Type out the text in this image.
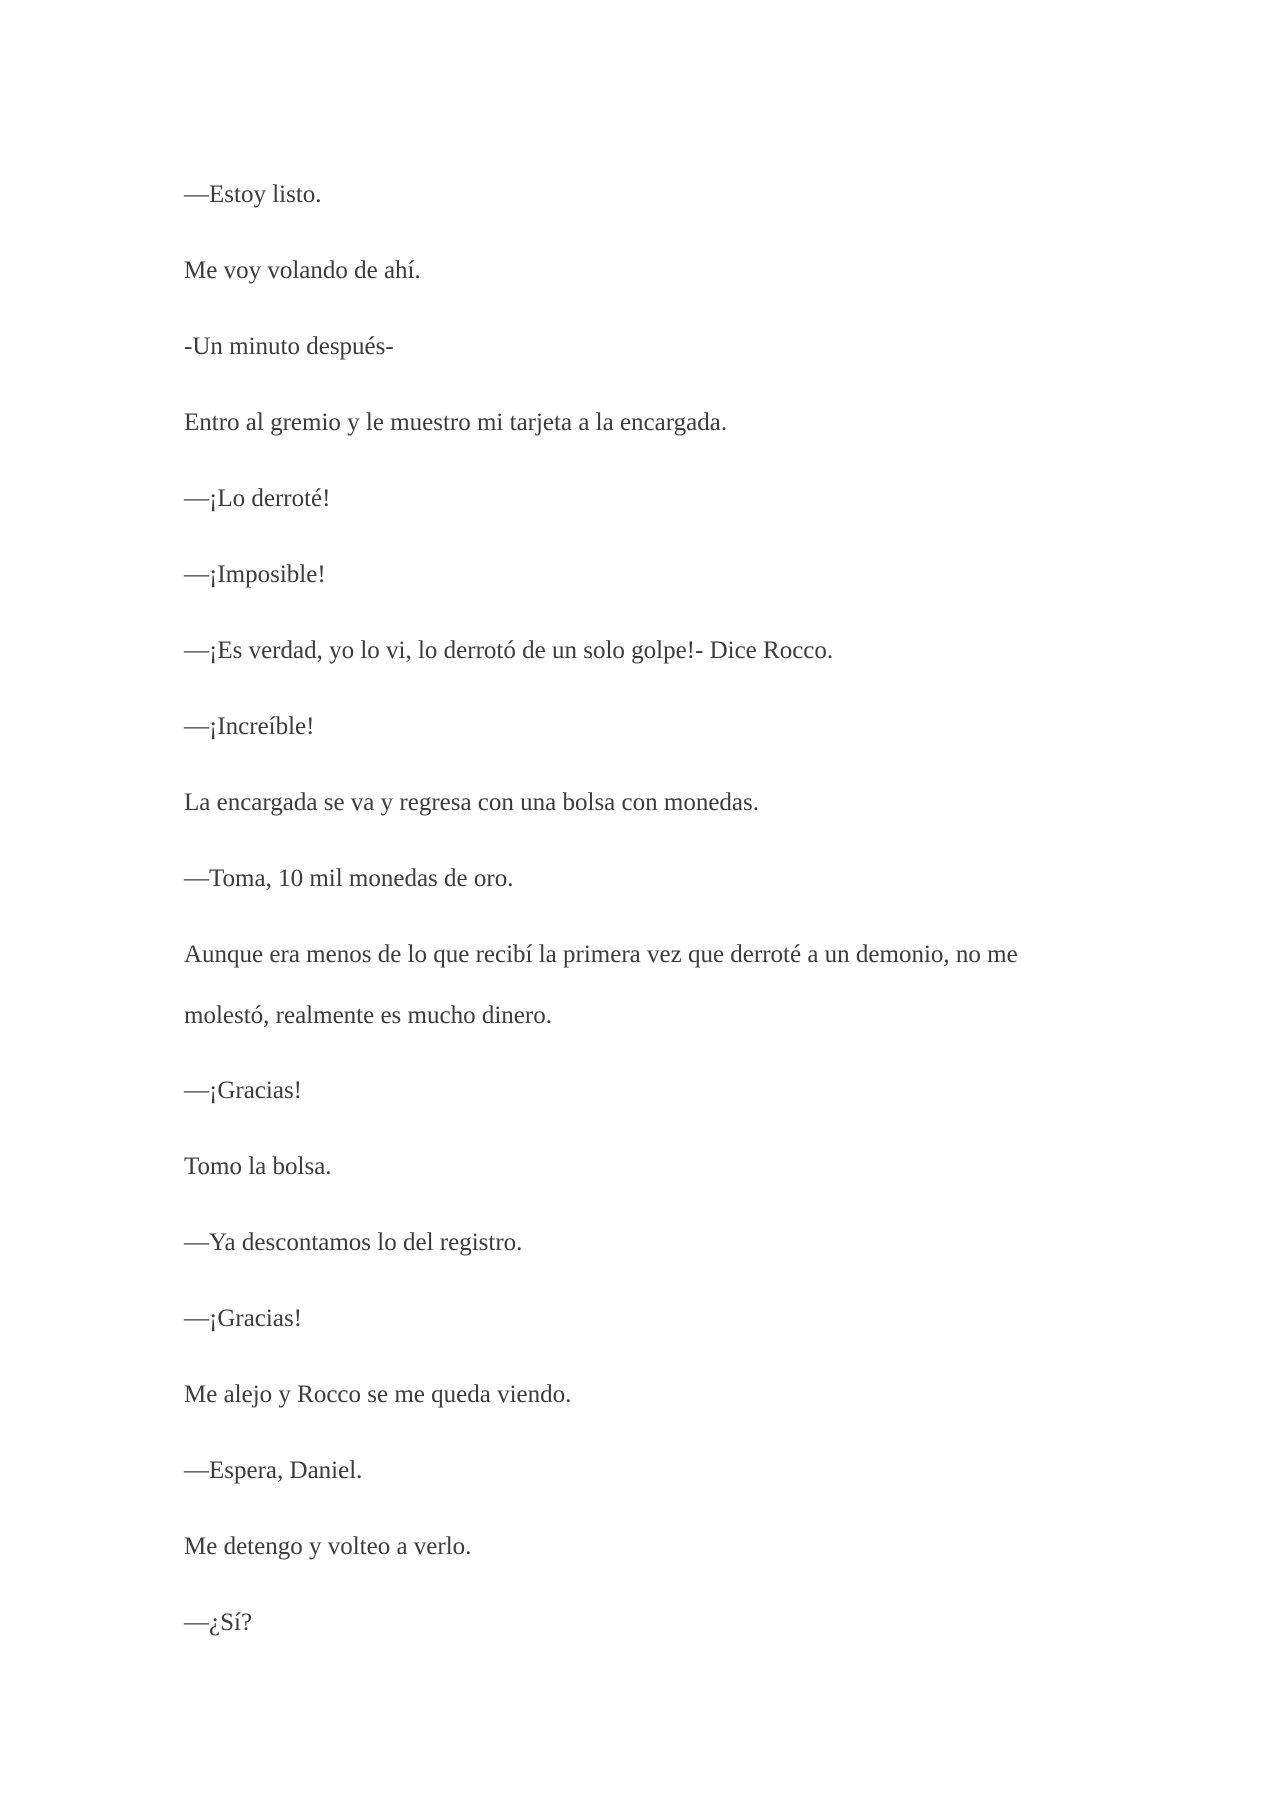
—Estoy listo.

Me voy volando de ahí.

-Un minuto después-

Entro al gremio y le muestro mi tarjeta a la encargada.

—¡Lo derroté!

—¡Imposible!

—¡Es verdad, yo lo vi, lo derrotó de un solo golpe!- Dice Rocco.

—¡Increíble!

La encargada se va y regresa con una bolsa con monedas.

—Toma, 10 mil monedas de oro.

Aunque era menos de lo que recibí la primera vez que derroté a un demonio, no me molestó, realmente es mucho dinero.

—¡Gracias!

Tomo la bolsa.

—Ya descontamos lo del registro.

—¡Gracias!

Me alejo y Rocco se me queda viendo.

—Espera, Daniel.

Me detengo y volteo a verlo.

—¿Sí?
